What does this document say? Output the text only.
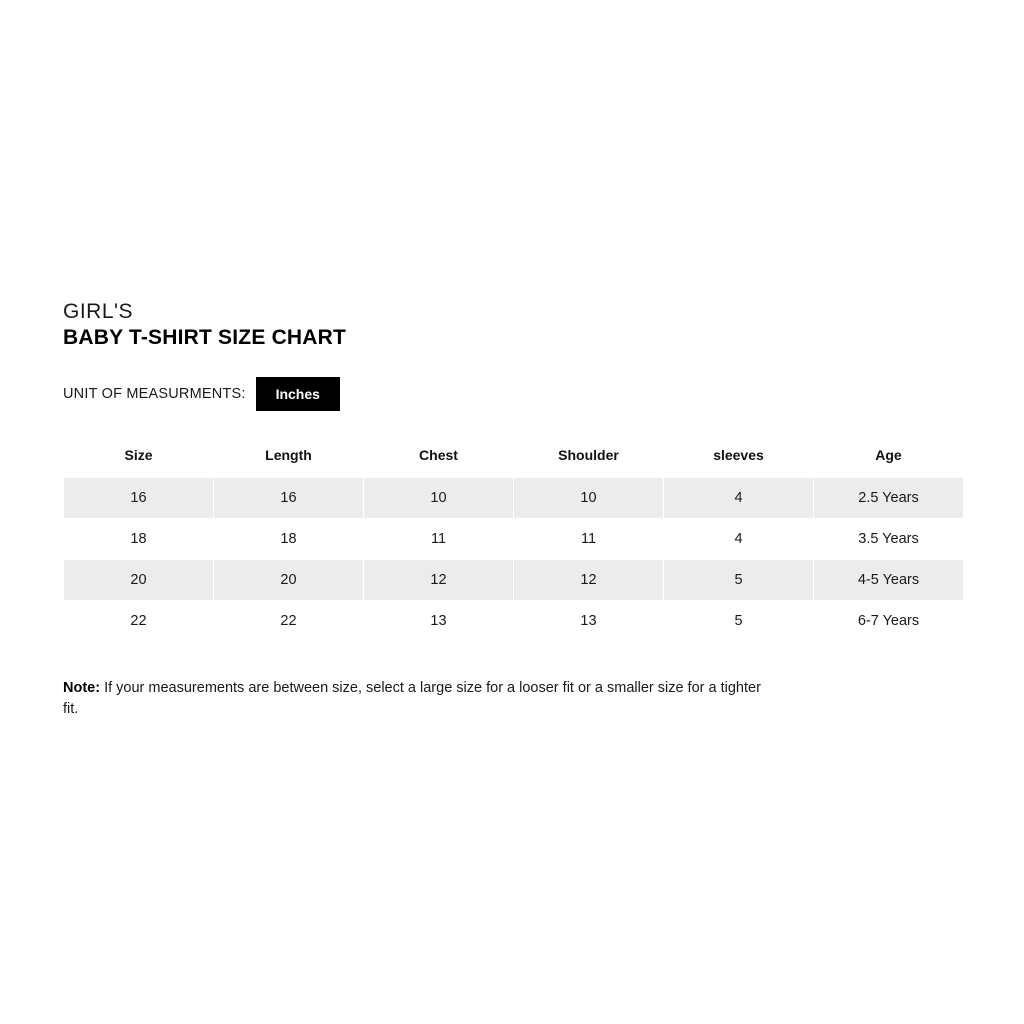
GIRL'S
BABY T-SHIRT SIZE CHART
UNIT OF MEASURMENTS:	Inches
Size	Length	Chest	Shoulder	sleeves	Age
16	16	10	10	4	2.5 Years
18	18	11	11	4	3.5 Years
20	20	12	12	5	4-5 Years
22	22	13	13	5	6-7 Years
Note: If your measurements are between size, select a large size for a looser fit or a smaller size for a tighter fit.
